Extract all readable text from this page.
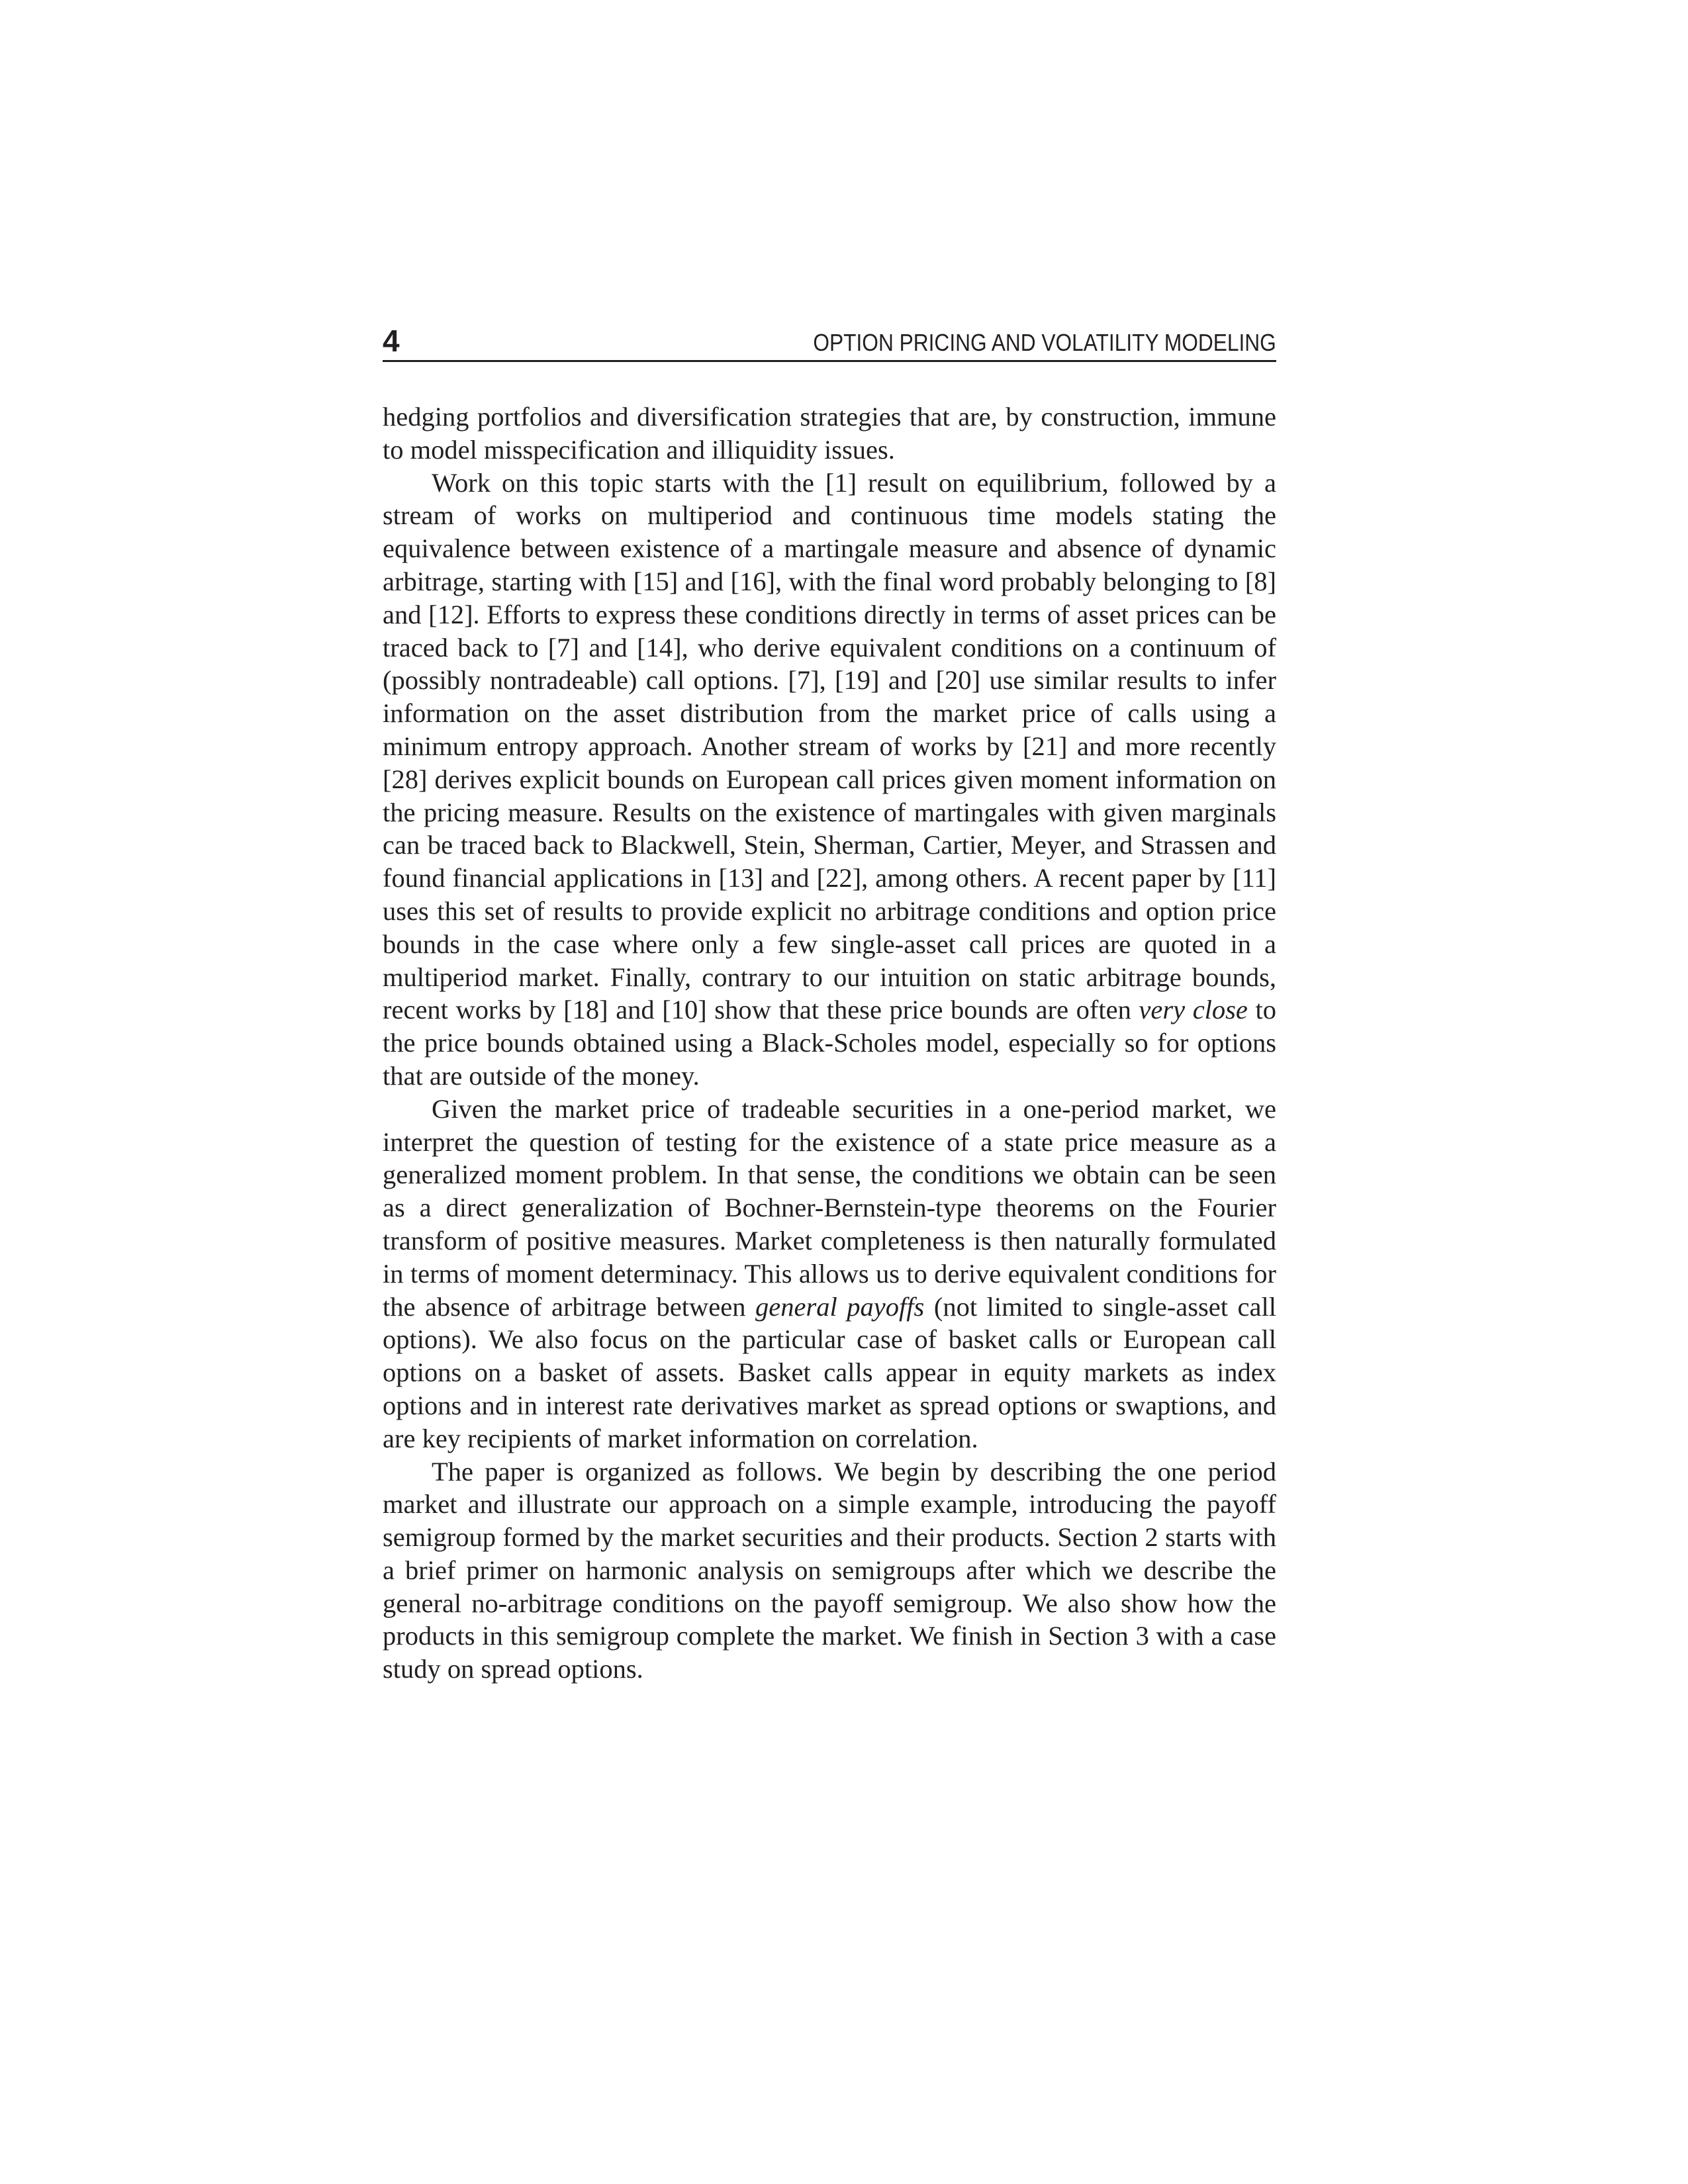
4	OPTION PRICING AND VOLATILITY MODELING

hedging portfolios and diversification strategies that are, by construction, immune to model misspecification and illiquidity issues.

Work on this topic starts with the [1] result on equilibrium, followed by a stream of works on multiperiod and continuous time models stating the equivalence between existence of a martingale measure and absence of dynamic arbitrage, starting with [15] and [16], with the final word probably belonging to [8] and [12]. Efforts to express these conditions directly in terms of asset prices can be traced back to [7] and [14], who derive equivalent conditions on a continuum of (possibly nontradeable) call options. [7], [19] and [20] use similar results to infer information on the asset distribution from the market price of calls using a minimum entropy approach. Another stream of works by [21] and more recently [28] derives explicit bounds on European call prices given moment information on the pricing measure. Results on the existence of martingales with given marginals can be traced back to Blackwell, Stein, Sherman, Cartier, Meyer, and Strassen and found financial applications in [13] and [22], among others. A recent paper by [11] uses this set of results to provide explicit no arbitrage conditions and option price bounds in the case where only a few single-asset call prices are quoted in a multiperiod market. Finally, contrary to our intuition on static arbitrage bounds, recent works by [18] and [10] show that these price bounds are often very close to the price bounds obtained using a Black-Scholes model, especially so for options that are outside of the money.

Given the market price of tradeable securities in a one-period market, we interpret the question of testing for the existence of a state price measure as a generalized moment problem. In that sense, the conditions we obtain can be seen as a direct generalization of Bochner-Bernstein-type theorems on the Fourier transform of positive measures. Market completeness is then naturally formulated in terms of moment determinacy. This allows us to derive equivalent conditions for the absence of arbitrage between general payoffs (not limited to single-asset call options). We also focus on the particular case of basket calls or European call options on a basket of assets. Basket calls appear in equity markets as index options and in interest rate derivatives market as spread options or swaptions, and are key recipients of market information on correlation.

The paper is organized as follows. We begin by describing the one period market and illustrate our approach on a simple example, introducing the payoff semigroup formed by the market securities and their products. Section 2 starts with a brief primer on harmonic analysis on semigroups after which we describe the general no-arbitrage conditions on the payoff semigroup. We also show how the products in this semigroup complete the market. We finish in Section 3 with a case study on spread options.
